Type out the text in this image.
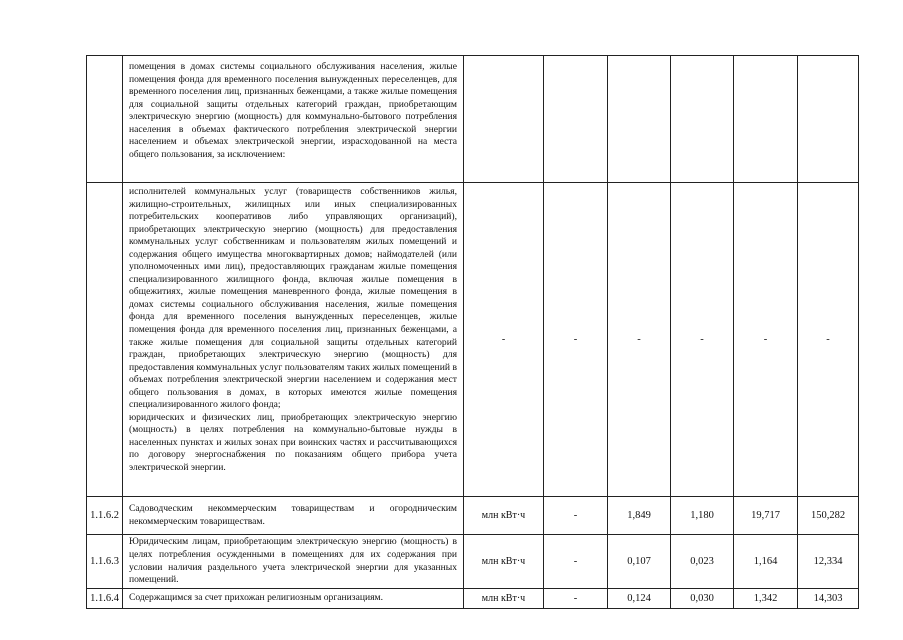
	помещения в домах системы социального обслуживания населения, жилые помещения фонда для временного поселения вынужденных переселенцев, для временного поселения лиц, признанных беженцами, а также жилые помещения для социальной защиты отдельных категорий граждан, приобретающим электрическую энергию (мощность) для коммунально-бытового потребления населения в объемах фактического потребления электрической энергии населением и объемах электрической энергии, израсходованной на места общего пользования, за исключением:						

	исполнителей коммунальных услуг (товариществ собственников жилья, жилищно-строительных, жилищных или иных специализированных потребительских кооперативов либо управляющих организаций), приобретающих электрическую энергию (мощность) для предоставления коммунальных услуг собственникам и пользователям жилых помещений и содержания общего имущества многоквартирных домов; наймодателей (или уполномоченных ими лиц), предоставляющих гражданам жилые помещения специализированного жилищного фонда, включая жилые помещения в общежитиях, жилые помещения маневренного фонда, жилые помещения в домах системы социального обслуживания населения, жилые помещения фонда для временного поселения вынужденных переселенцев, жилые помещения фонда для временного поселения лиц, признанных беженцами, а также жилые помещения для социальной защиты отдельных категорий граждан, приобретающих электрическую энергию (мощность) для предоставления коммунальных услуг пользователям таких жилых помещений в объемах потребления электрической энергии населением и содержания мест общего пользования в домах, в которых имеются жилые помещения специализированного жилого фонда;
юридических и физических лиц, приобретающих электрическую энергию (мощность) в целях потребления на коммунально-бытовые нужды в населенных пунктах и жилых зонах при воинских частях и рассчитывающихся по договору энергоснабжения по показаниям общего прибора учета электрической энергии.	-	-	-	-	-	-
1.1.6.2	Садоводческим некоммерческим товариществам и огородническим некоммерческим товариществам.	млн кВт·ч	-	1,849	1,180	19,717	150,282
1.1.6.3	Юридическим лицам, приобретающим электрическую энергию (мощность) в целях потребления осужденными в помещениях для их содержания при условии наличия раздельного учета электрической энергии для указанных помещений.	млн кВт·ч	-	0,107	0,023	1,164	12,334
1.1.6.4	Содержащимся за счет прихожан религиозным организациям.	млн кВт·ч	-	0,124	0,030	1,342	14,303
